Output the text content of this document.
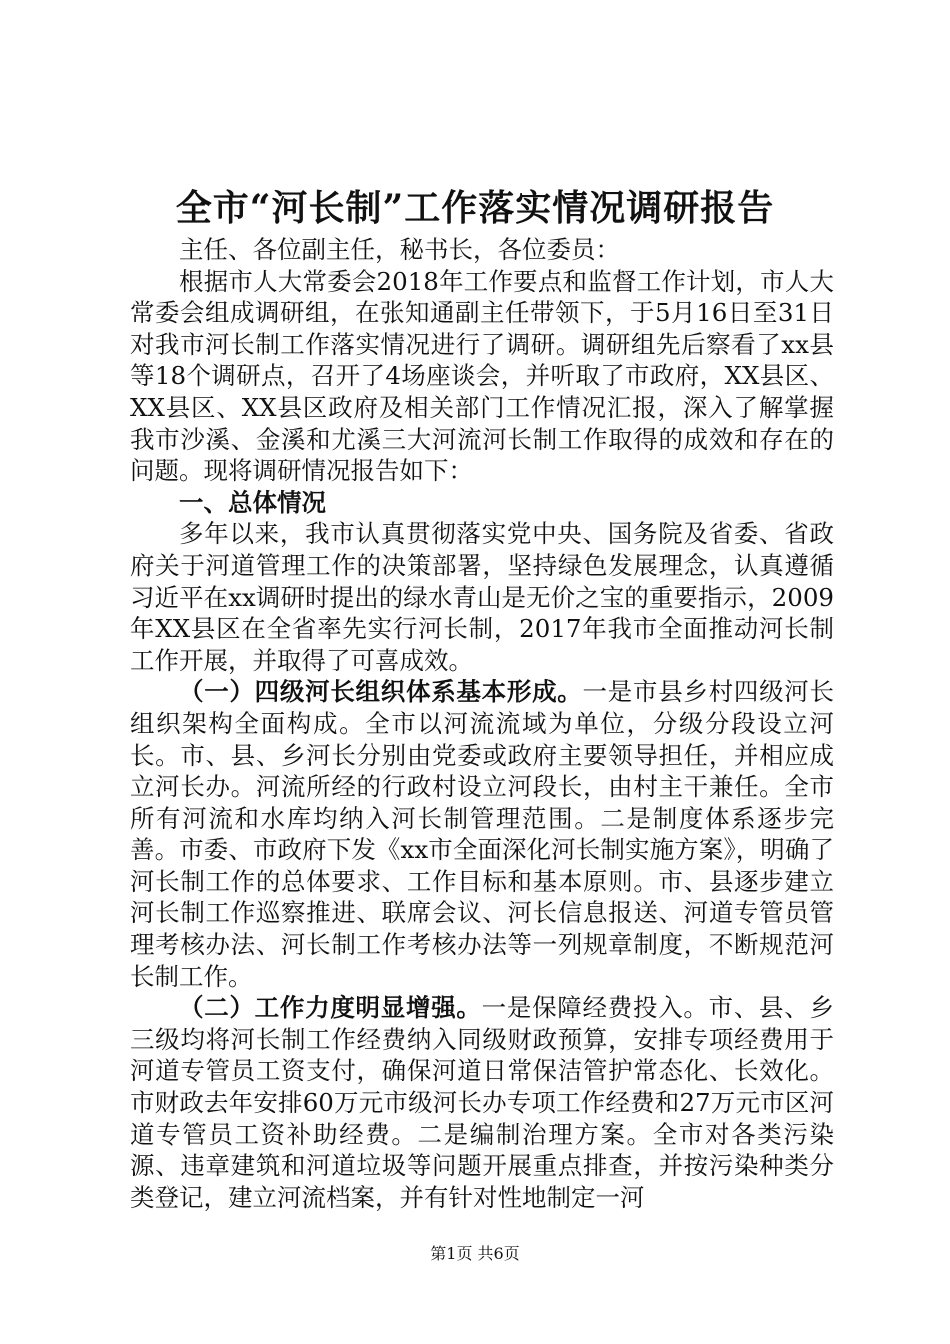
全市“河长制”工作落实情况调研报告

主任、各位副主任，秘书长，各位委员：

根据市人大常委会2018年工作要点和监督工作计划，市人大常委会组成调研组，在张知通副主任带领下，于5月16日至31日对我市河长制工作落实情况进行了调研。调研组先后察看了xx县等18个调研点，召开了4场座谈会，并听取了市政府，XX县区、XX县区、XX县区政府及相关部门工作情况汇报，深入了解掌握我市沙溪、金溪和尤溪三大河流河长制工作取得的成效和存在的问题。现将调研情况报告如下：

一、总体情况

多年以来，我市认真贯彻落实党中央、国务院及省委、省政府关于河道管理工作的决策部署，坚持绿色发展理念，认真遵循习近平在xx调研时提出的绿水青山是无价之宝的重要指示，2009年XX县区在全省率先实行河长制，2017年我市全面推动河长制工作开展，并取得了可喜成效。

（一）四级河长组织体系基本形成。一是市县乡村四级河长组织架构全面构成。全市以河流流域为单位，分级分段设立河长。市、县、乡河长分别由党委或政府主要领导担任，并相应成立河长办。河流所经的行政村设立河段长，由村主干兼任。全市所有河流和水库均纳入河长制管理范围。二是制度体系逐步完善。市委、市政府下发《xx市全面深化河长制实施方案》，明确了河长制工作的总体要求、工作目标和基本原则。市、县逐步建立河长制工作巡察推进、联席会议、河长信息报送、河道专管员管理考核办法、河长制工作考核办法等一列规章制度，不断规范河长制工作。

（二）工作力度明显增强。一是保障经费投入。市、县、乡三级均将河长制工作经费纳入同级财政预算，安排专项经费用于河道专管员工资支付，确保河道日常保洁管护常态化、长效化。市财政去年安排60万元市级河长办专项工作经费和27万元市区河道专管员工资补助经费。二是编制治理方案。全市对各类污染源、违章建筑和河道垃圾等问题开展重点排查，并按污染种类分类登记，建立河流档案，并有针对性地制定一河

第1页 共6页
